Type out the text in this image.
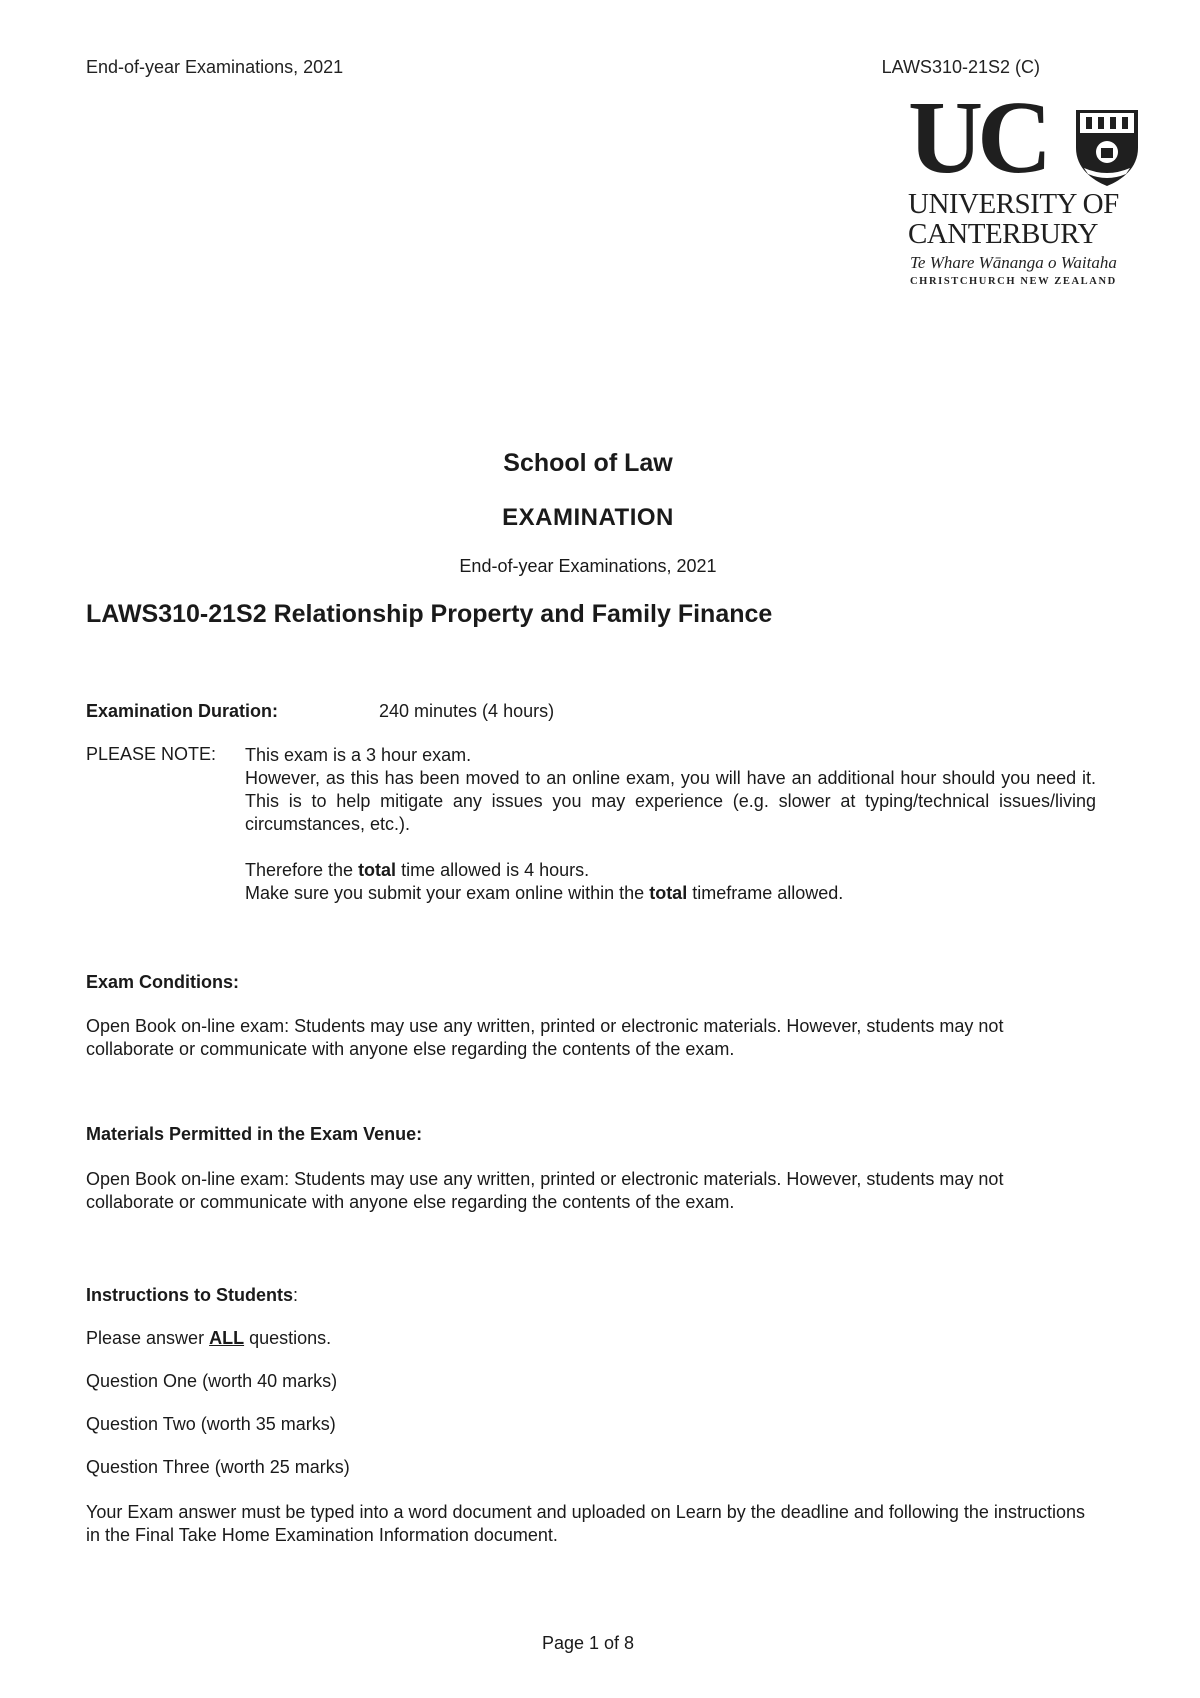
End-of-year Examinations, 2021	LAWS310-21S2 (C)
UC
UNIVERSITY OF
CANTERBURY
Te Whare Wānanga o Waitaha
CHRISTCHURCH NEW ZEALAND
School of Law
EXAMINATION
End-of-year Examinations, 2021
LAWS310-21S2 Relationship Property and Family Finance
Examination Duration:	240 minutes (4 hours)
PLEASE NOTE: This exam is a 3 hour exam.

However, as this has been moved to an online exam, you will have an additional hour should you need it. This is to help mitigate any issues you may experience (e.g. slower at typing/technical issues/living circumstances, etc.).

Therefore the total time allowed is 4 hours.

Make sure you submit your exam online within the total timeframe allowed.

Exam Conditions:

Open Book on-line exam: Students may use any written, printed or electronic materials. However, students may not collaborate or communicate with anyone else regarding the contents of the exam.

Materials Permitted in the Exam Venue:

Open Book on-line exam: Students may use any written, printed or electronic materials. However, students may not collaborate or communicate with anyone else regarding the contents of the exam.

Instructions to Students:
Please answer ALL questions.
Question One (worth 40 marks)
Question Two (worth 35 marks)
Question Three (worth 25 marks)

Your Exam answer must be typed into a word document and uploaded on Learn by the deadline and following the instructions in the Final Take Home Examination Information document.

Page 1 of 8
